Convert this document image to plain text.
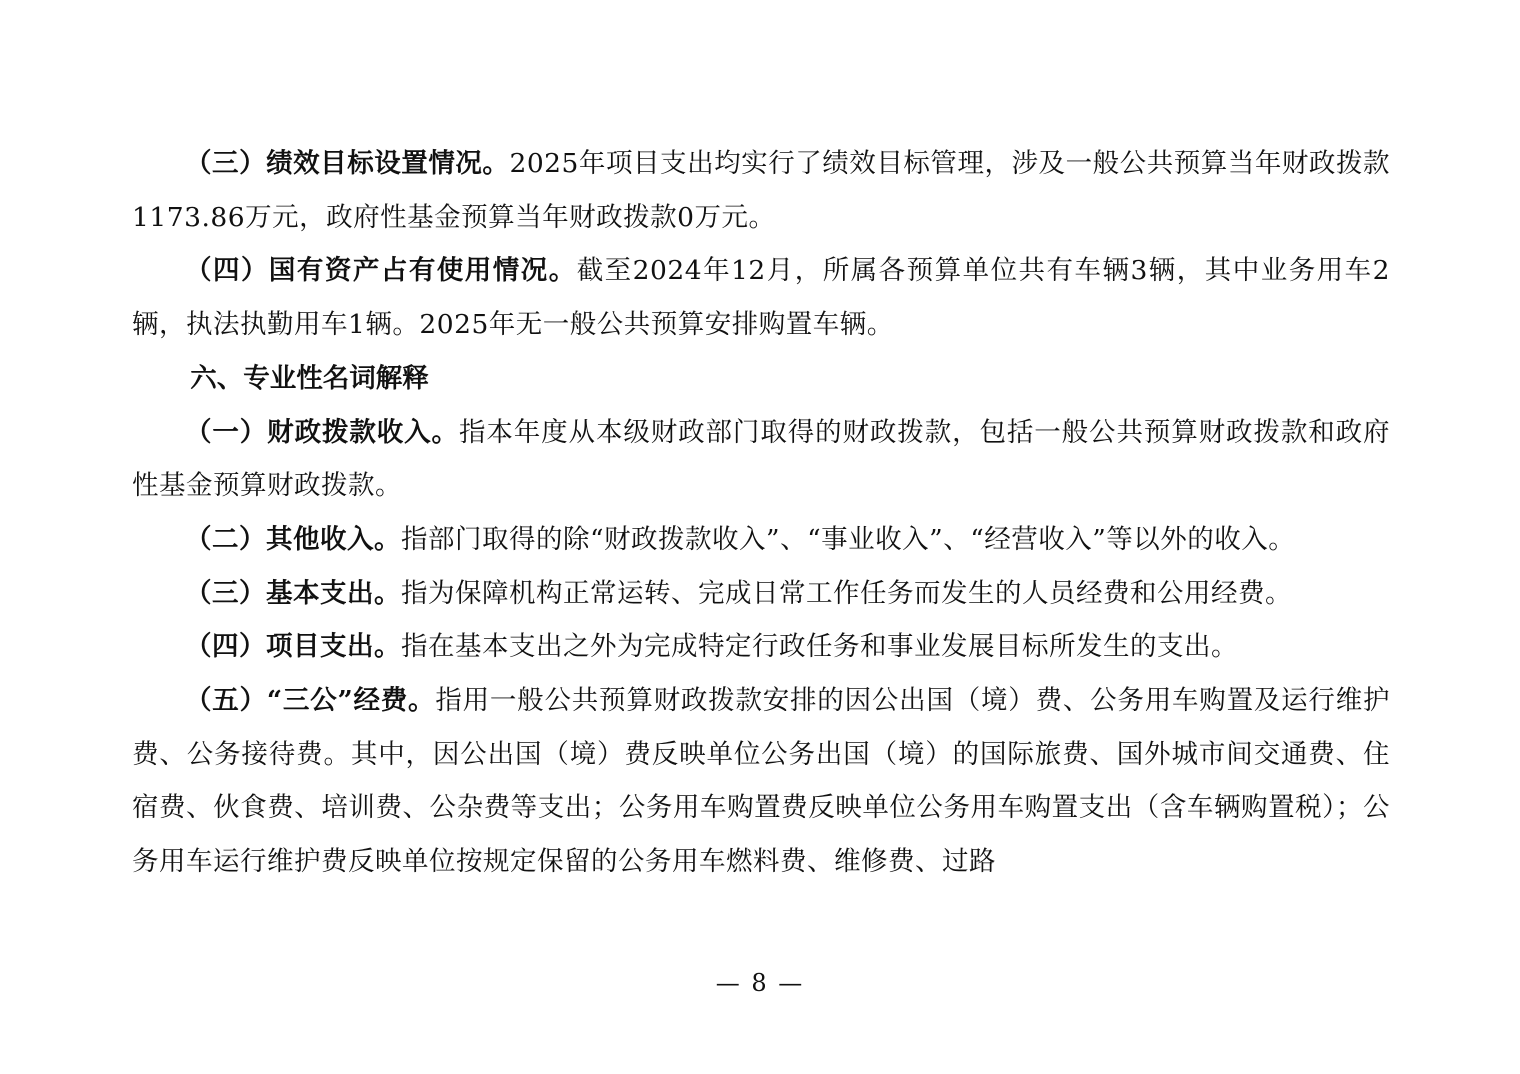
（三）绩效目标设置情况。2025年项目支出均实行了绩效目标管理，涉及一般公共预算当年财政拨款1173.86万元，政府性基金预算当年财政拨款0万元。

（四）国有资产占有使用情况。截至2024年12月，所属各预算单位共有车辆3辆，其中业务用车2辆，执法执勤用车1辆。2025年无一般公共预算安排购置车辆。

六、专业性名词解释

（一）财政拨款收入。指本年度从本级财政部门取得的财政拨款，包括一般公共预算财政拨款和政府性基金预算财政拨款。

（二）其他收入。指部门取得的除“财政拨款收入”、“事业收入”、“经营收入”等以外的收入。

（三）基本支出。指为保障机构正常运转、完成日常工作任务而发生的人员经费和公用经费。

（四）项目支出。指在基本支出之外为完成特定行政任务和事业发展目标所发生的支出。

（五）“三公”经费。指用一般公共预算财政拨款安排的因公出国（境）费、公务用车购置及运行维护费、公务接待费。其中，因公出国（境）费反映单位公务出国（境）的国际旅费、国外城市间交通费、住宿费、伙食费、培训费、公杂费等支出；公务用车购置费反映单位公务用车购置支出（含车辆购置税）；公务用车运行维护费反映单位按规定保留的公务用车燃料费、维修费、过路

— 8 —
